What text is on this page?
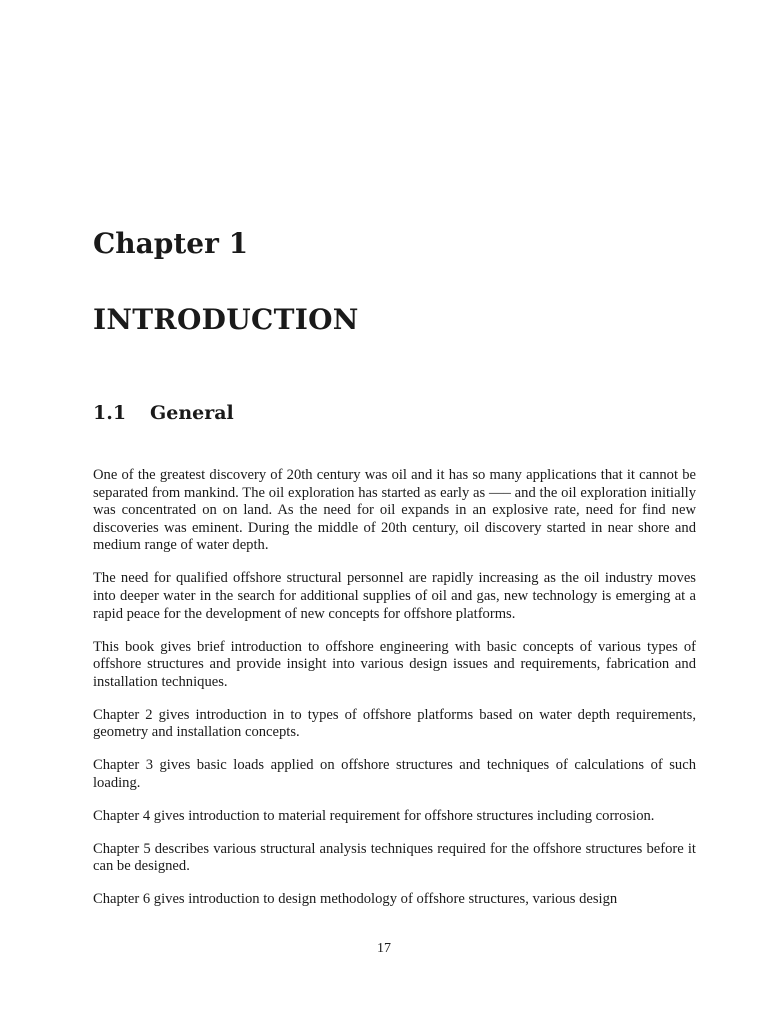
Chapter 1
INTRODUCTION
1.1 General

One of the greatest discovery of 20th century was oil and it has so many applications that it cannot be separated from mankind. The oil exploration has started as early as —– and the oil exploration initially was concentrated on on land. As the need for oil expands in an explosive rate, need for find new discoveries was eminent. During the middle of 20th century, oil discovery started in near shore and medium range of water depth.

The need for qualified offshore structural personnel are rapidly increasing as the oil industry moves into deeper water in the search for additional supplies of oil and gas, new technology is emerging at a rapid peace for the development of new concepts for offshore platforms.

This book gives brief introduction to offshore engineering with basic concepts of various types of offshore structures and provide insight into various design issues and requirements, fabrication and installation techniques.

Chapter 2 gives introduction in to types of offshore platforms based on water depth requirements, geometry and installation concepts.

Chapter 3 gives basic loads applied on offshore structures and techniques of calculations of such loading.

Chapter 4 gives introduction to material requirement for offshore structures including corrosion.

Chapter 5 describes various structural analysis techniques required for the offshore structures before it can be designed.

Chapter 6 gives introduction to design methodology of offshore structures, various design

17
